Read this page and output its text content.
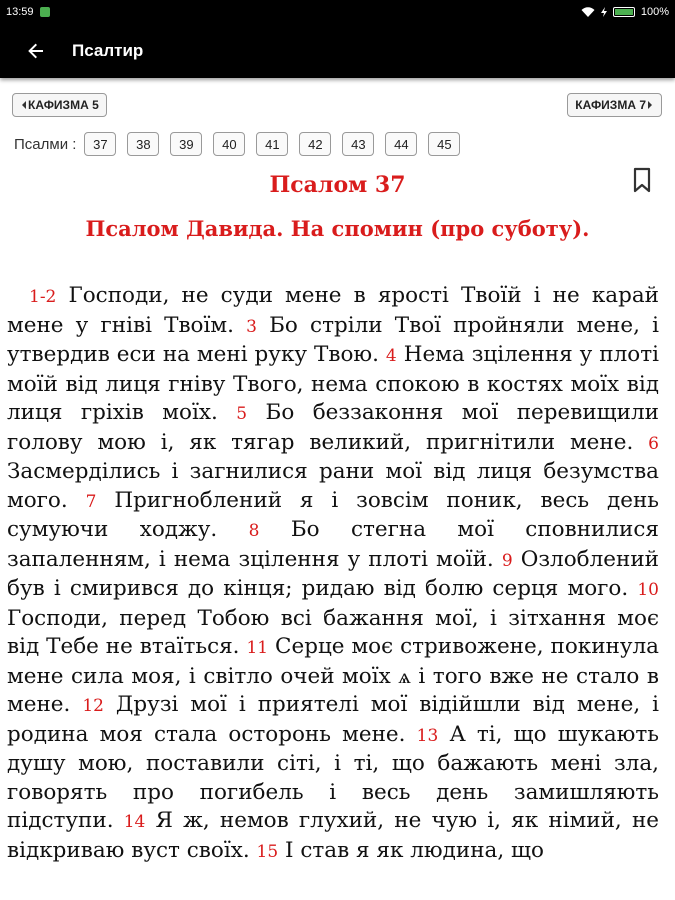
13:59	100%
Псалтир
КАФИЗМА 5	КАФИЗМА 7
Псалми :	37	38	39	40	41	42	43	44	45
Псалом 37
Псалом Давида. На спомин (про суботу).

1-2 Господи, не суди мене в ярості Твоїй і не карай мене у гніві Твоїм. 3 Бо стріли Твої пройняли мене, і утвердив еси на мені руку Твою. 4 Нема зцілення у плоті моїй від лиця гніву Твого, нема спокою в костях моїх від лиця гріхів моїх. 5 Бо беззаконня мої перевищили голову мою і, як тягар великий, пригнітили мене. 6 Засмерділись і загнилися рани мої від лиця безумства мого. 7 Пригноблений я і зовсім поник, весь день сумуючи ходжу. 8 Бо стегна мої сповнилися запаленням, і нема зцілення у плоті моїй. 9 Озлоблений був і смирився до кінця; ридаю від болю серця мого. 10 Господи, перед Тобою всі бажання мої, і зітхання моє від Тебе не втаїться. 11 Серце моє стривожене, покинула мене сила моя, і світло очей моїх ѧ і того вже не стало в мене. 12 Друзі мої і приятелі мої відійшли від мене, і родина моя стала осторонь мене. 13 А ті, що шукають душу мою, поставили сіті, і ті, що бажають мені зла, говорять про погибель і весь день замишляють підступи. 14 Я ж, немов глухий, не чую і, як німий, не відкриваю вуст своїх. 15 І став я як людина, що
